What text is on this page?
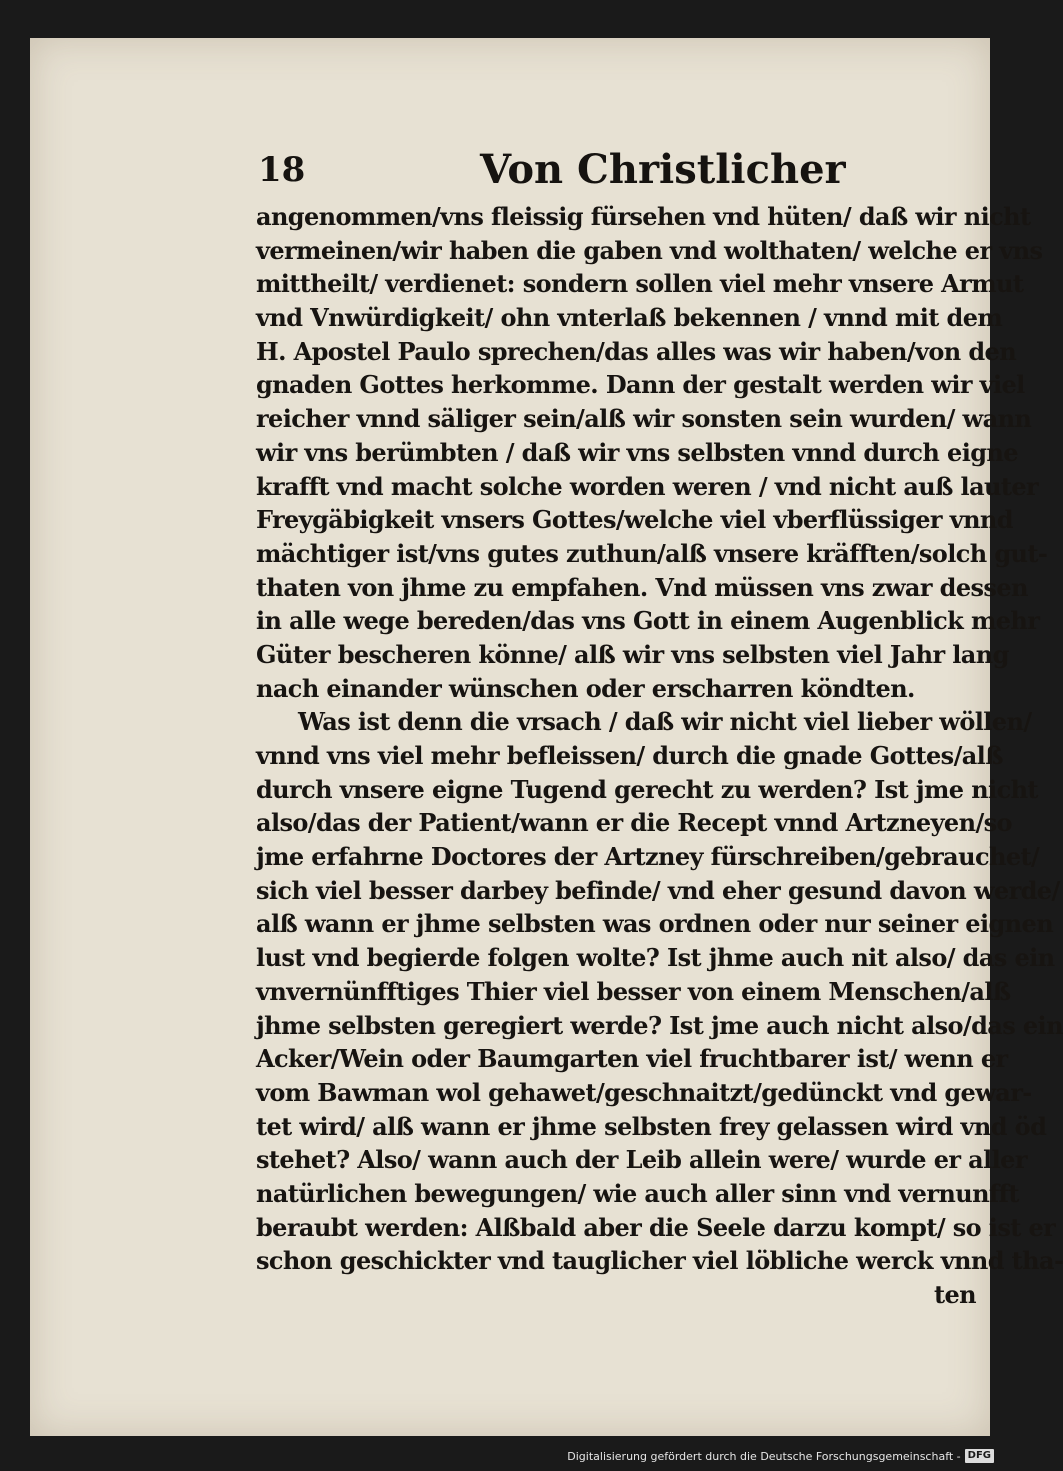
18	Von Christlicher
angenommen/vns fleissig fürsehen vnd hüten/ daß wir nicht
vermeinen/wir haben die gaben vnd wolthaten/ welche er vns
mittheilt/ verdienet: sondern sollen viel mehr vnsere Armut
vnd Vnwürdigkeit/ ohn vnterlaß bekennen / vnnd mit dem
H. Apostel Paulo sprechen/das alles was wir haben/von den
gnaden Gottes herkomme. Dann der gestalt werden wir viel
reicher vnnd säliger sein/alß wir sonsten sein wurden/ wann
wir vns berümbten / daß wir vns selbsten vnnd durch eigne
krafft vnd macht solche worden weren / vnd nicht auß lauter
Freygäbigkeit vnsers Gottes/welche viel vberflüssiger vnnd
mächtiger ist/vns gutes zuthun/alß vnsere kräfften/solch gut-
thaten von jhme zu empfahen. Vnd müssen vns zwar dessen
in alle wege bereden/das vns Gott in einem Augenblick mehr
Güter bescheren könne/ alß wir vns selbsten viel Jahr lang
nach einander wünschen oder erscharren köndten.
Was ist denn die vrsach / daß wir nicht viel lieber wöllen/
vnnd vns viel mehr befleissen/ durch die gnade Gottes/alß
durch vnsere eigne Tugend gerecht zu werden? Ist jme nicht
also/das der Patient/wann er die Recept vnnd Artzneyen/so
jme erfahrne Doctores der Artzney fürschreiben/gebrauchet/
sich viel besser darbey befinde/ vnd eher gesund davon werde/
alß wann er jhme selbsten was ordnen oder nur seiner eignen
lust vnd begierde folgen wolte? Ist jhme auch nit also/ das ein
vnvernünfftiges Thier viel besser von einem Menschen/alß
jhme selbsten geregiert werde? Ist jme auch nicht also/das ein
Acker/Wein oder Baumgarten viel fruchtbarer ist/ wenn er
vom Bawman wol gehawet/geschnaitzt/gedünckt vnd gewar-
tet wird/ alß wann er jhme selbsten frey gelassen wird vnd öd
stehet? Also/ wann auch der Leib allein were/ wurde er aller
natürlichen bewegungen/ wie auch aller sinn vnd vernunfft
beraubt werden: Alßbald aber die Seele darzu kompt/ so ist er
schon geschickter vnd tauglicher viel löbliche werck vnnd tha-
ten
Digitalisierung gefördert durch die Deutsche Forschungsgemeinschaft - DFG
